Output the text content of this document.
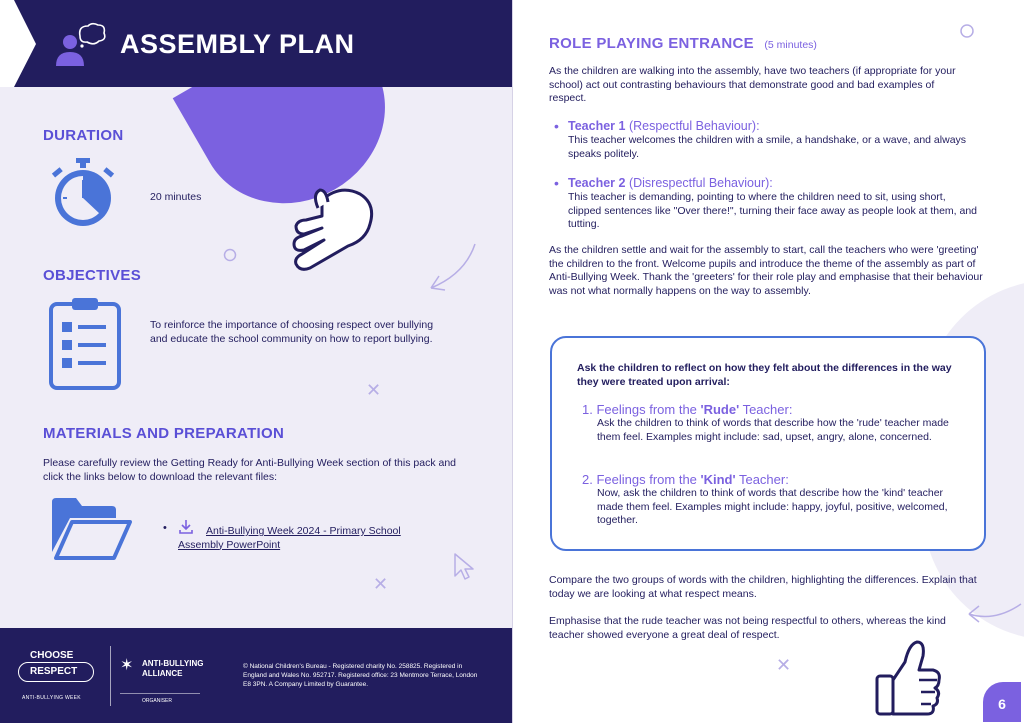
ASSEMBLY PLAN
DURATION

20 minutes

OBJECTIVES

To reinforce the importance of choosing respect over bullying and educate the school community on how to report bullying.

✕
MATERIALS AND PREPARATION

Please carefully review the Getting Ready for Anti-Bullying Week section of this pack and click the links below to download the relevant files:

•	Anti-Bullying Week 2024 - Primary School Assembly PowerPoint
✕
CHOOSE
RESPECT
ANTI-BULLYING WEEK
✶ ANTI-BULLYING
ALLIANCE
ORGANISER

© National Children's Bureau - Registered charity No. 258825. Registered in England and Wales No. 952717. Registered office: 23 Mentmore Terrace, London E8 3PN. A Company Limited by Guarantee.

ROLE PLAYING ENTRANCE (5 minutes)

As the children are walking into the assembly, have two teachers (if appropriate for your school) act out contrasting behaviours that demonstrate good and bad examples of respect.

• Teacher 1 (Respectful Behaviour):

This teacher welcomes the children with a smile, a handshake, or a wave, and always speaks politely.

• Teacher 2 (Disrespectful Behaviour):

This teacher is demanding, pointing to where the children need to sit, using short, clipped sentences like "Over there!", turning their face away as people look at them, and tutting.

As the children settle and wait for the assembly to start, call the teachers who were 'greeting' the children to the front. Welcome pupils and introduce the theme of the assembly as part of Anti-Bullying Week. Thank the 'greeters' for their role play and emphasise that their behaviour was not what normally happens on the way to assembly.

Ask the children to reflect on how they felt about the differences in the way they were treated upon arrival:

1. Feelings from the 'Rude' Teacher:

Ask the children to think of words that describe how the 'rude' teacher made them feel. Examples might include: sad, upset, angry, alone, concerned.

2. Feelings from the 'Kind' Teacher:

Now, ask the children to think of words that describe how the 'kind' teacher made them feel. Examples might include: happy, joyful, positive, welcomed, together.

Compare the two groups of words with the children, highlighting the differences. Explain that today we are looking at what respect means.

Emphasise that the rude teacher was not being respectful to others, whereas the kind teacher showed everyone a great deal of respect.

✕
6
